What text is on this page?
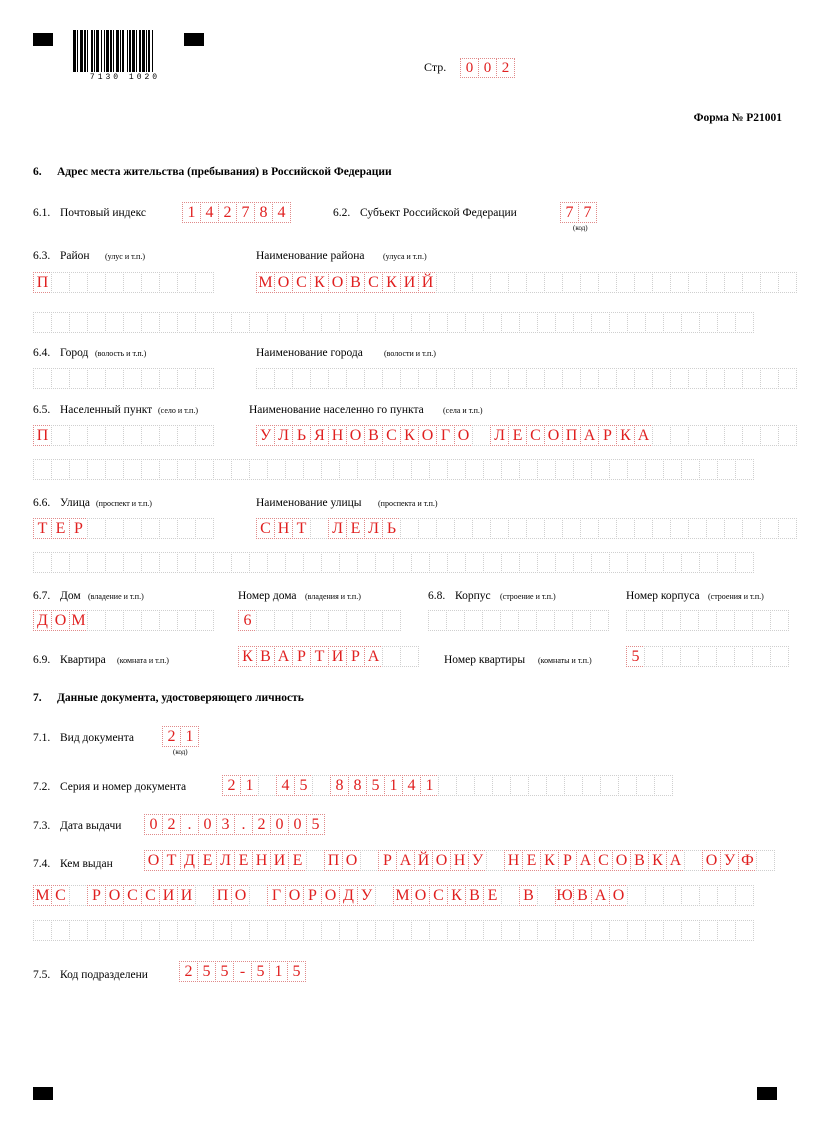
7130 1020
Стр.	0 0 2
Форма № Р21001
6. Адрес места жительства (пребывания) в Российской Федерации
6.1. Почтовый индекс	1 4 2 7 8 4	6.2. Субъект Российской Федерации	7 7
(код)
6.3. Район (улус и т.п.)	Наименование района (улуса и т.п.)
П	М О С К О В С К И Й
6.4. Город (волость и т.п.)	Наименование города	(волости и т.п.)
6.5. Населенный пункт (село и т.п.)	Наименование населенно го пункта (села и т.п.)
П	У Л Ь Я Н О В С К О Г О Л Е С О П А Р К А
6.6. Улица (проспект и т.п.)	Наименование улицы (проспекта и т.п.)
Т Е Р	С Н Т Л Е Л Ь
6.7. Дом (владение и т.п.)	Номер дома (владения и т.п.)	6.8. Корпус (строение и т.п.)	Номер корпуса (строения и т.п.)
Д О М	6
6.9. Квартира (комната и т.п.)	Номер квартиры (комнаты и т.п.)
К В А Р Т И Р А	5
7. Данные документа, удостоверяющего личность
7.1. Вид документа	2 1
(код)
7.2. Серия и номер документа	2 1	4 5	8 8 5 1 4 1
7.3. Дата выдачи	0 2 . 0 3 . 2 0 0 5
7.4. Кем выдан О Т Д Е Л Е Н И Е П О	Р А Й О Н У Н Е К Р А С О В К А О У Ф
М С	Р О С С И И П О	Г О Р О Д У М О С К В Е В Ю В А О
7.5. Код подразделени	2 5 5 - 5 1 5
